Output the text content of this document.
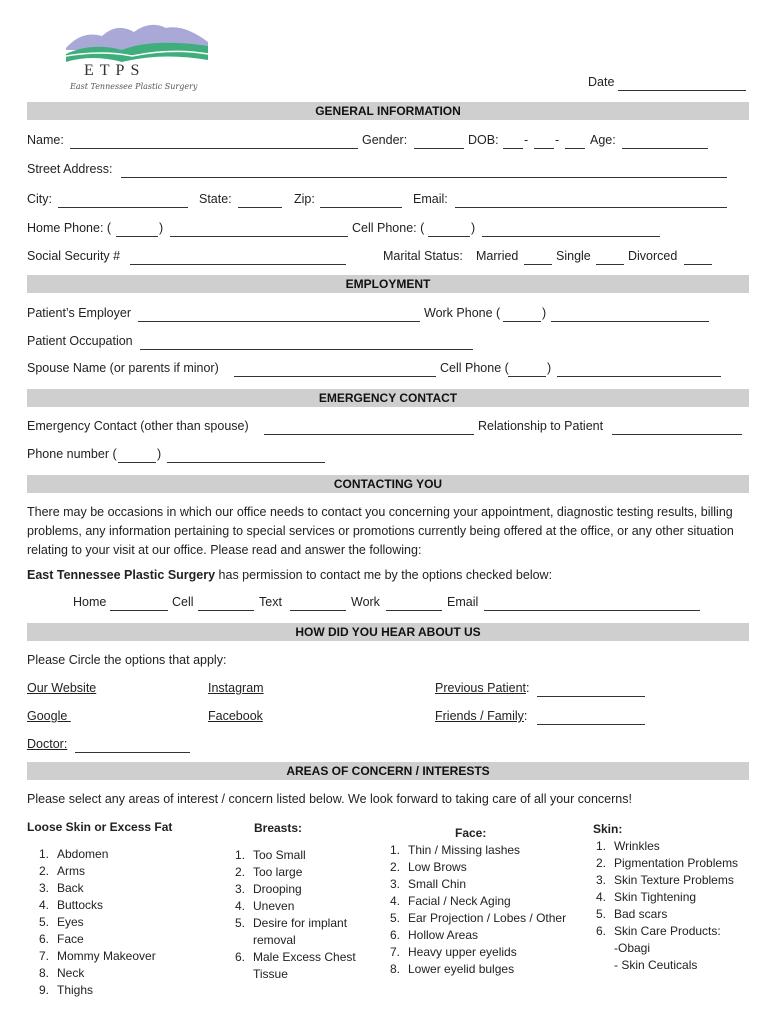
ETPS
East Tennessee Plastic Surgery	Date
GENERAL INFORMATION
Name:	Gender:	DOB: - - Age:
Street Address:
City:	State:	Zip:	Email:
Home Phone: (	)	Cell Phone: (	)
Social Security #	Marital Status: Married	Single	Divorced
EMPLOYMENT
Patient’s Employer	Work Phone (	)
Patient Occupation
Spouse Name (or parents if minor)	Cell Phone (	)
EMERGENCY CONTACT
Emergency Contact (other than spouse)	Relationship to Patient
Phone number (	)
CONTACTING YOU
There may be occasions in which our office needs to contact you concerning your appointment, diagnostic testing results, billing problems, any information pertaining to special services or promotions currently being offered at the office, or any other situation relating to your visit at our office. Please read and answer the following:
East Tennessee Plastic Surgery has permission to contact me by the options checked below:
Home	Cell	Text	Work	Email
HOW DID YOU HEAR ABOUT US
Please Circle the options that apply:
Our Website	Instagram	Previous Patient:
Google	Facebook	Friends / Family:
Doctor:
AREAS OF CONCERN / INTERESTS
Please select any areas of interest / concern listed below. We look forward to taking care of all your concerns!
Loose Skin or Excess Fat
1. Abdomen
2. Arms
3. Back
4. Buttocks
5. Eyes
6. Face
7. Mommy Makeover
8. Neck
9. Thighs
Breasts:
1. Too Small
2. Too large
3. Drooping
4. Uneven
5. Desire for implant removal
6. Male Excess Chest Tissue
Face:
1. Thin / Missing lashes
2. Low Brows
3. Small Chin
4. Facial / Neck Aging
5. Ear Projection / Lobes / Other
6. Hollow Areas
7. Heavy upper eyelids
8. Lower eyelid bulges
Skin:
1. Wrinkles
2. Pigmentation Problems
3. Skin Texture Problems
4. Skin Tightening
5. Bad scars
6. Skin Care Products:
-Obagi
- Skin Ceuticals
